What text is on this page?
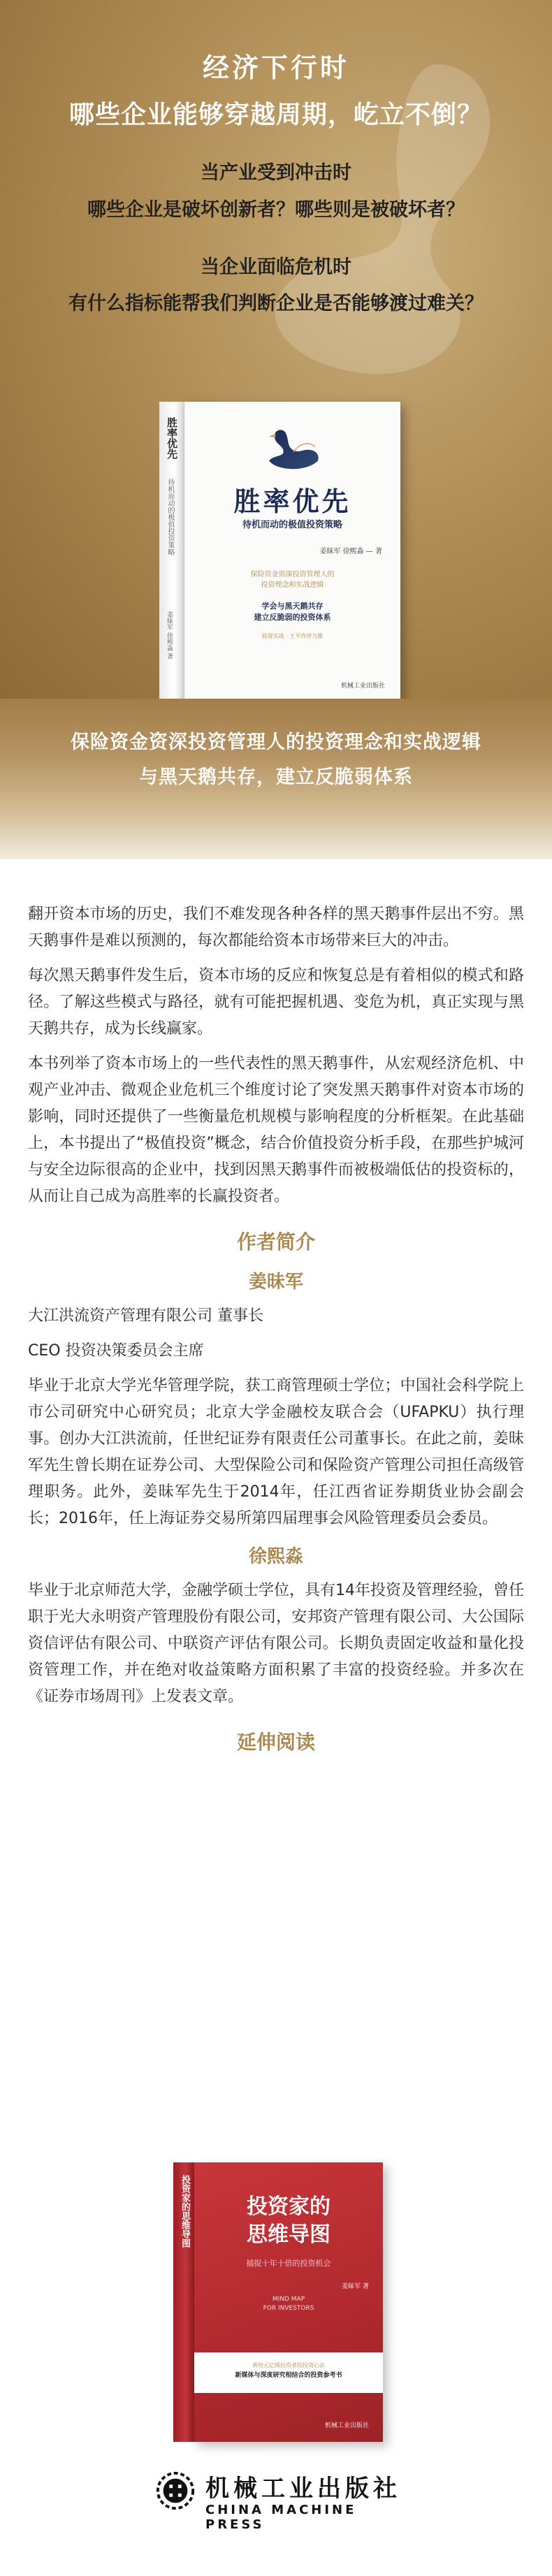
经济下行时
哪些企业能够穿越周期，屹立不倒？
当产业受到冲击时
哪些企业是破坏创新者？哪些则是被破坏者？
当企业面临危机时
有什么指标能帮我们判断企业是否能够渡过难关？
胜率优先
待机而动的极值投资策略
姜昧军 徐熙淼 著
胜率优先
待机而动的极值投资策略
姜昧军 徐熙淼 — 著
保险资金资深投资管理人的
投资理念和实战逻辑
学会与黑天鹅共存
建立反脆弱的投资体系
投资实战 · 王平作序力推
机械工业出版社
保险资金资深投资管理人的投资理念和实战逻辑
与黑天鹅共存，建立反脆弱体系

翻开资本市场的历史，我们不难发现各种各样的黑天鹅事件层出不穷。黑天鹅事件是难以预测的，每次都能给资本市场带来巨大的冲击。

每次黑天鹅事件发生后，资本市场的反应和恢复总是有着相似的模式和路径。了解这些模式与路径，就有可能把握机遇、变危为机，真正实现与黑天鹅共存，成为长线赢家。

本书列举了资本市场上的一些代表性的黑天鹅事件，从宏观经济危机、中观产业冲击、微观企业危机三个维度讨论了突发黑天鹅事件对资本市场的影响，同时还提供了一些衡量危机规模与影响程度的分析框架。在此基础上，本书提出了“极值投资”概念，结合价值投资分析手段，在那些护城河与安全边际很高的企业中，找到因黑天鹅事件而被极端低估的投资标的，从而让自己成为高胜率的长赢投资者。

作者简介
姜昧军

大江洪流资产管理有限公司 董事长

CEO 投资决策委员会主席

毕业于北京大学光华管理学院，获工商管理硕士学位；中国社会科学院上市公司研究中心研究员；北京大学金融校友联合会（UFAPKU）执行理事。创办大江洪流前，任世纪证券有限责任公司董事长。在此之前，姜昧军先生曾长期在证券公司、大型保险公司和保险资产管理公司担任高级管理职务。此外，姜昧军先生于2014年，任江西省证券期货业协会副会长；2016年，任上海证券交易所第四届理事会风险管理委员会委员。

徐熙淼

毕业于北京师范大学，金融学硕士学位，具有14年投资及管理经验，曾任职于光大永明资产管理股份有限公司，安邦资产管理有限公司、大公国际资信评估有限公司、中联资产评估有限公司。长期负责固定收益和量化投资管理工作，并在绝对收益策略方面积累了丰富的投资经验。并多次在《证券市场周刊》上发表文章。

延伸阅读
投资家的思维导图	投资家的
思维导图
捕捉十年十倍的投资机会
姜昧军 著
MIND MAP
FOR INVESTORS
黄培元亿级投资者的投资心法
新媒体与深度研究相结合的投资参考书
机械工业出版社
机械工业出版社
CHINA MACHINE PRESS
